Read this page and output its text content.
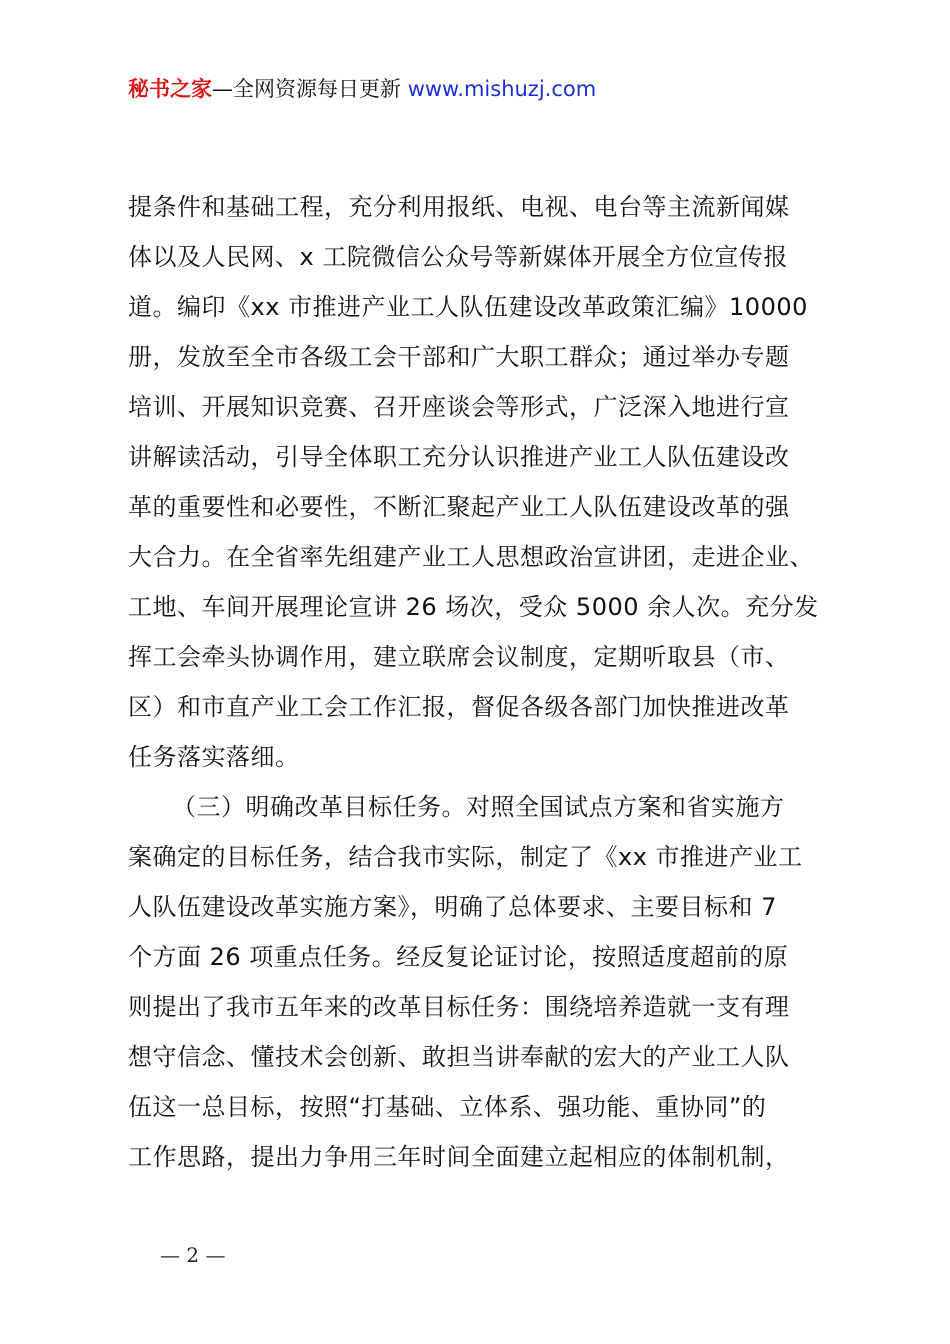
秘书之家—全网资源每日更新 www.mishuzj.com
提条件和基础工程，充分利用报纸、电视、电台等主流新闻媒
体以及人民网、x 工院微信公众号等新媒体开展全方位宣传报
道。编印《xx 市推进产业工人队伍建设改革政策汇编》10000
册，发放至全市各级工会干部和广大职工群众；通过举办专题
培训、开展知识竞赛、召开座谈会等形式，广泛深入地进行宣
讲解读活动，引导全体职工充分认识推进产业工人队伍建设改
革的重要性和必要性，不断汇聚起产业工人队伍建设改革的强
大合力。在全省率先组建产业工人思想政治宣讲团，走进企业、
工地、车间开展理论宣讲 26 场次，受众 5000 余人次。充分发
挥工会牵头协调作用，建立联席会议制度，定期听取县（市、
区）和市直产业工会工作汇报，督促各级各部门加快推进改革
任务落实落细。
（三）明确改革目标任务。对照全国试点方案和省实施方
案确定的目标任务，结合我市实际，制定了《xx 市推进产业工
人队伍建设改革实施方案》，明确了总体要求、主要目标和 7
个方面 26 项重点任务。经反复论证讨论，按照适度超前的原
则提出了我市五年来的改革目标任务：围绕培养造就一支有理
想守信念、懂技术会创新、敢担当讲奉献的宏大的产业工人队
伍这一总目标，按照“打基础、立体系、强功能、重协同”的
工作思路，提出力争用三年时间全面建立起相应的体制机制，
— 2 —
